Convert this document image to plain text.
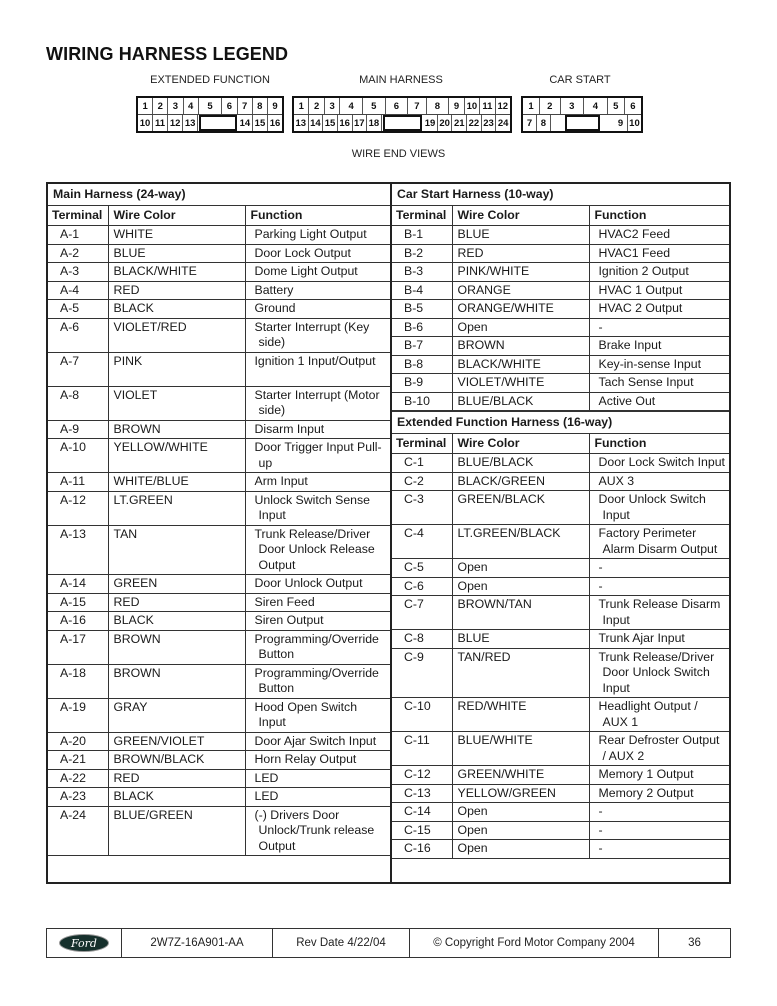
WIRING HARNESS LEGEND
EXTENDED FUNCTION	MAIN HARNESS	CAR START
1	2	3	4	5	6	7	8	9
10 11 12 13	14 15 16
1	2	3	4	5	6	7	8	9 10 11 12
13 14 15 16 17 18	19 20 21 22 23 24
1	2	3	4	5	6
7 8	9 10
WIRE END VIEWS
Main Harness (24-way)		
Terminal	Wire Color	Function
A-1	WHITE	Parking Light Output
A-2	BLUE	Door Lock Output
A-3	BLACK/WHITE	Dome Light Output
A-4	RED	Battery
A-5	BLACK	Ground
A-6	VIOLET/RED	Starter Interrupt (Key
side)

A-7	PINK	Ignition 1 Input/Output

A-8	VIOLET	Starter Interrupt (Motor
side)

A-9	BROWN	Disarm Input
A-10	YELLOW/WHITE	Door Trigger Input Pull-
up

A-11	WHITE/BLUE	Arm Input
A-12	LT.GREEN	Unlock Switch Sense
Input

A-13	TAN	Trunk Release/Driver
Door Unlock Release
Output

A-14	GREEN	Door Unlock Output
A-15	RED	Siren Feed
A-16	BLACK	Siren Output
A-17	BROWN	Programming/Override
Button

A-18	BROWN	Programming/Override
Button

A-19	GRAY	Hood Open Switch
Input

A-20	GREEN/VIOLET	Door Ajar Switch Input
A-21	BROWN/BLACK	Horn Relay Output
A-22	RED	LED
A-23	BLACK	LED
A-24	BLUE/GREEN	(-) Drivers Door
Unlock/Trunk release
Output
Car Start Harness (10-way)		
Terminal	Wire Color	Function
B-1	BLUE	HVAC2 Feed
B-2	RED	HVAC1 Feed
B-3	PINK/WHITE	Ignition 2 Output
B-4	ORANGE	HVAC 1 Output
B-5	ORANGE/WHITE	HVAC 2 Output
B-6	Open	-
B-7	BROWN	Brake Input
B-8	BLACK/WHITE	Key-in-sense Input
B-9	VIOLET/WHITE	Tach Sense Input
B-10	BLUE/BLACK	Active Out
Extended Function Harness (16-way)		
Terminal	Wire Color	Function
C-1	BLUE/BLACK	Door Lock Switch Input
C-2	BLACK/GREEN	AUX 3
C-3	GREEN/BLACK	Door Unlock Switch
Input

C-4	LT.GREEN/BLACK	Factory Perimeter
Alarm Disarm Output

C-5	Open	-
C-6	Open	-
C-7	BROWN/TAN	Trunk Release Disarm
Input

C-8	BLUE	Trunk Ajar Input
C-9	TAN/RED	Trunk Release/Driver
Door Unlock Switch
Input

C-10	RED/WHITE	Headlight Output /
AUX 1

C-11	BLUE/WHITE	Rear Defroster Output
/ AUX 2

C-12	GREEN/WHITE	Memory 1 Output
C-13	YELLOW/GREEN	Memory 2 Output
C-14	Open	-
C-15	Open	-
C-16	Open	-
Ford	2W7Z-16A901-AA	Rev Date 4/22/04	© Copyright Ford Motor Company 2004	36
